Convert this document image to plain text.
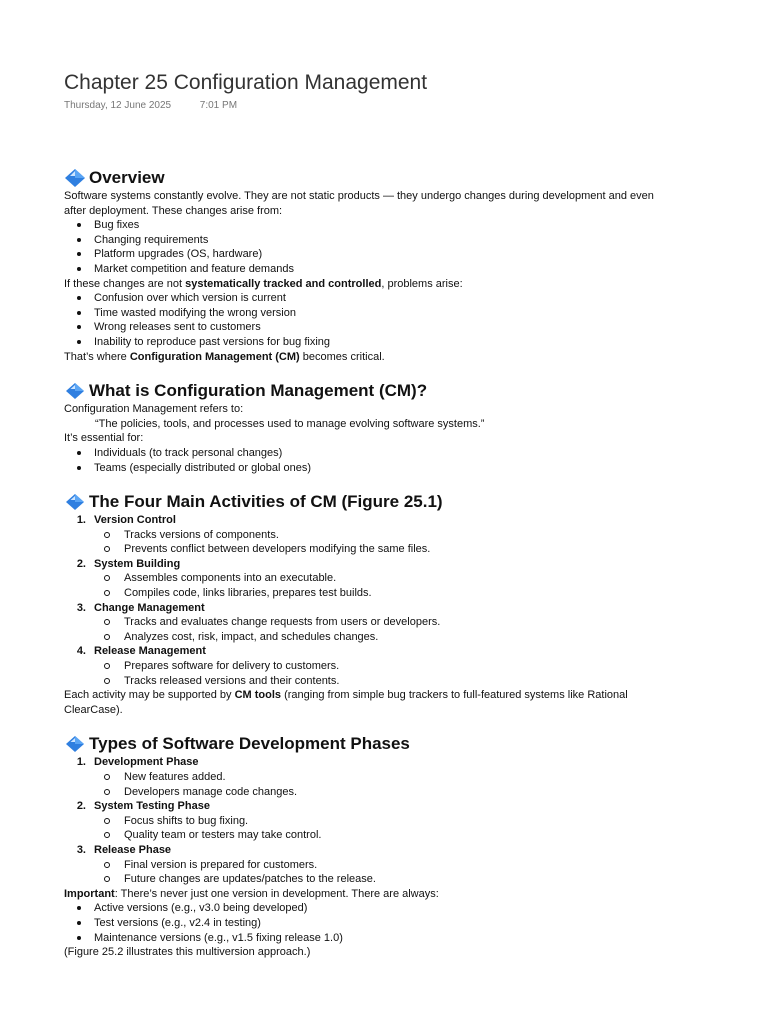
Chapter 25 Configuration Management
Thursday, 12 June 2025	7:01 PM
Overview

Software systems constantly evolve. They are not static products — they undergo changes during development and even after deployment. These changes arise from:

Bug fixes
Changing requirements
Platform upgrades (OS, hardware)
Market competition and feature demands

If these changes are not systematically tracked and controlled, problems arise:

Confusion over which version is current
Time wasted modifying the wrong version
Wrong releases sent to customers
Inability to reproduce past versions for bug fixing

That’s where Configuration Management (CM) becomes critical.

What is Configuration Management (CM)?

Configuration Management refers to:

“The policies, tools, and processes used to manage evolving software systems.”

It’s essential for:

Individuals (to track personal changes)
Teams (especially distributed or global ones)
The Four Main Activities of CM (Figure 25.1)
1. Version Control
Tracks versions of components.
Prevents conflict between developers modifying the same files.
2. System Building
Assembles components into an executable.
Compiles code, links libraries, prepares test builds.
3. Change Management
Tracks and evaluates change requests from users or developers.
Analyzes cost, risk, impact, and schedules changes.
4. Release Management
Prepares software for delivery to customers.
Tracks released versions and their contents.

Each activity may be supported by CM tools (ranging from simple bug trackers to full-featured systems like Rational ClearCase).

Types of Software Development Phases
1. Development Phase
New features added.
Developers manage code changes.
2. System Testing Phase
Focus shifts to bug fixing.
Quality team or testers may take control.
3. Release Phase
Final version is prepared for customers.
Future changes are updates/patches to the release.

Important: There’s never just one version in development. There are always:

Active versions (e.g., v3.0 being developed)
Test versions (e.g., v2.4 in testing)
Maintenance versions (e.g., v1.5 fixing release 1.0)

(Figure 25.2 illustrates this multiversion approach.)
